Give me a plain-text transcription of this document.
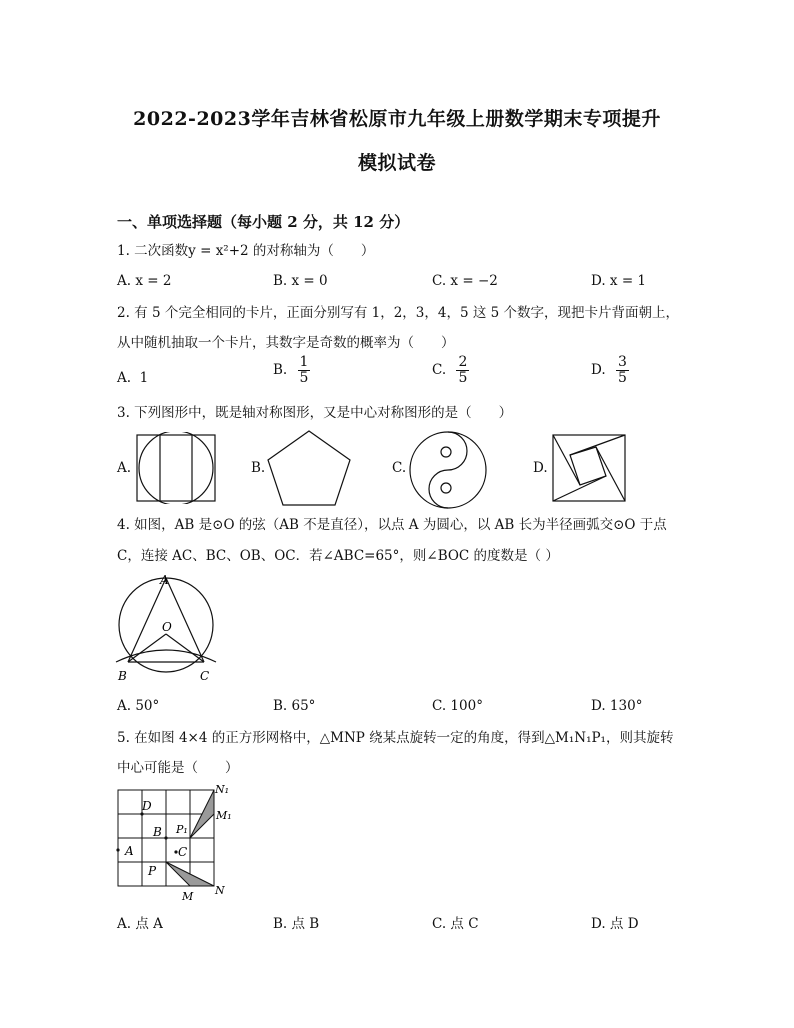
2022-2023学年吉林省松原市九年级上册数学期末专项提升
模拟试卷
一、单项选择题（每小题 2 分，共 12 分）
1. 二次函数y = x²+2 的对称轴为（　　）
A. x = 2	B. x = 0	C. x = −2	D. x = 1
2. 有 5 个完全相同的卡片，正面分别写有 1，2，3，4，5 这 5 个数字，现把卡片背面朝上，
从中随机抽取一个卡片，其数字是奇数的概率为（　　）
A. 1	B. $\frac{1}{5}$	C. $\frac{2}{5}$	D. $\frac{3}{5}$
3. 下列图形中，既是轴对称图形，又是中心对称图形的是（　　）
A.	B.	C.	D.
4. 如图，AB 是⊙O 的弦（AB 不是直径），以点 A 为圆心，以 AB 长为半径画弧交⊙O 于点
C，连接 AC、BC、OB、OC．若∠ABC=65°，则∠BOC 的度数是（ ）
A
O
B	C
A. 50°	B. 65°	C. 100°	D. 130°
5. 在如图 4×4 的正方形网格中，△MNP 绕某点旋转一定的角度，得到△M₁N₁P₁，则其旋转
中心可能是（　　）
N₁
M₁
D
B P₁
C
A
P
M N
A. 点 A	B. 点 B	C. 点 C	D. 点 D
